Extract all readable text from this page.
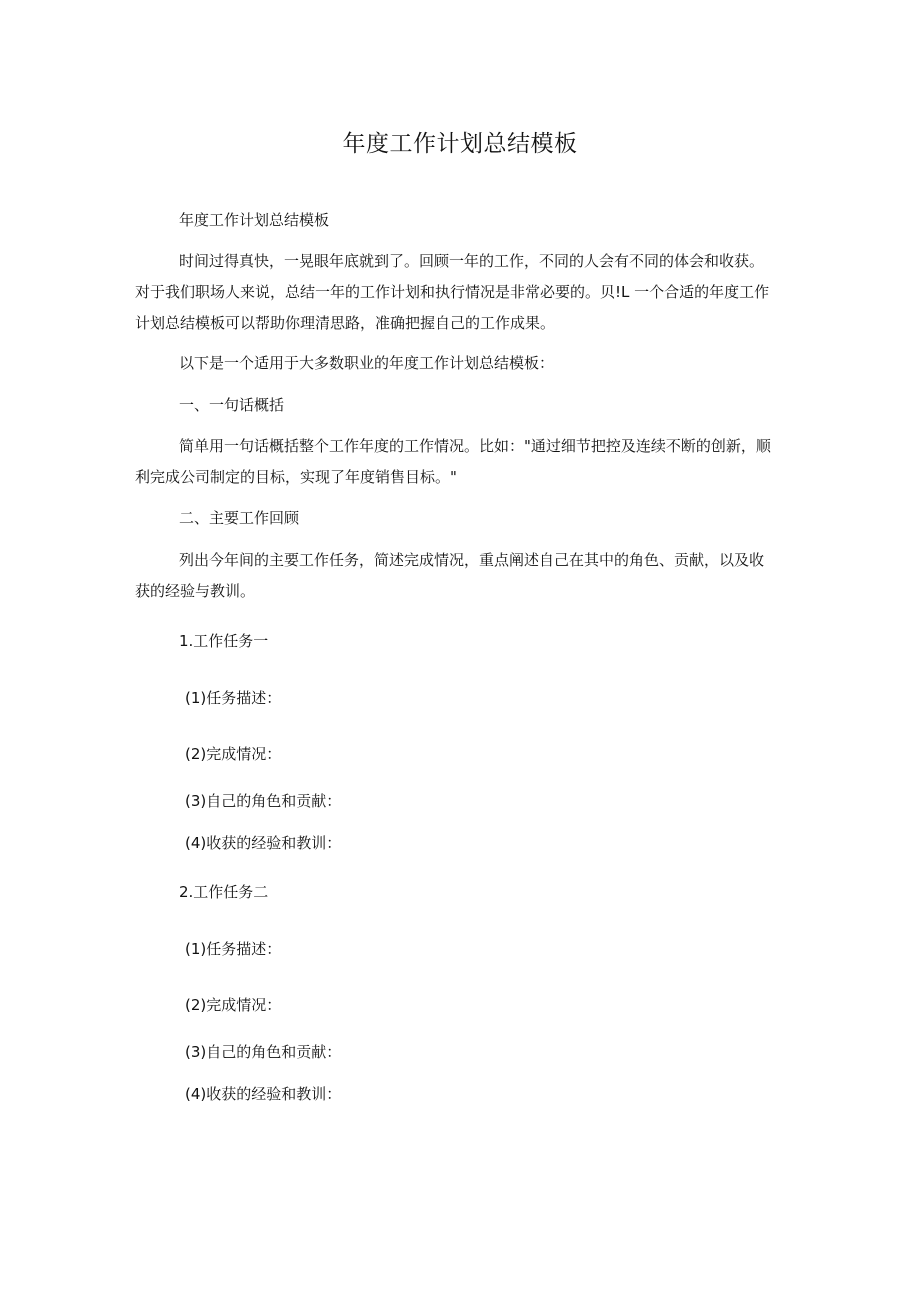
年度工作计划总结模板
年度工作计划总结模板
时间过得真快，一晃眼年底就到了。回顾一年的工作，不同的人会有不同的体会和收获。
对于我们职场人来说，总结一年的工作计划和执行情况是非常必要的。贝!L 一个合适的年度工作
计划总结模板可以帮助你理清思路，准确把握自己的工作成果。
以下是一个适用于大多数职业的年度工作计划总结模板：
一、一句话概括
简单用一句话概括整个工作年度的工作情况。比如："通过细节把控及连续不断的创新，顺
利完成公司制定的目标，实现了年度销售目标。"
二、主要工作回顾
列出今年间的主要工作任务，简述完成情况，重点阐述自己在其中的角色、贡献，以及收
获的经验与教训。
1.工作任务一
(1)任务描述：
(2)完成情况：
(3)自己的角色和贡献：
(4)收获的经验和教训：
2.工作任务二
(1)任务描述：
(2)完成情况：
(3)自己的角色和贡献：
(4)收获的经验和教训：
